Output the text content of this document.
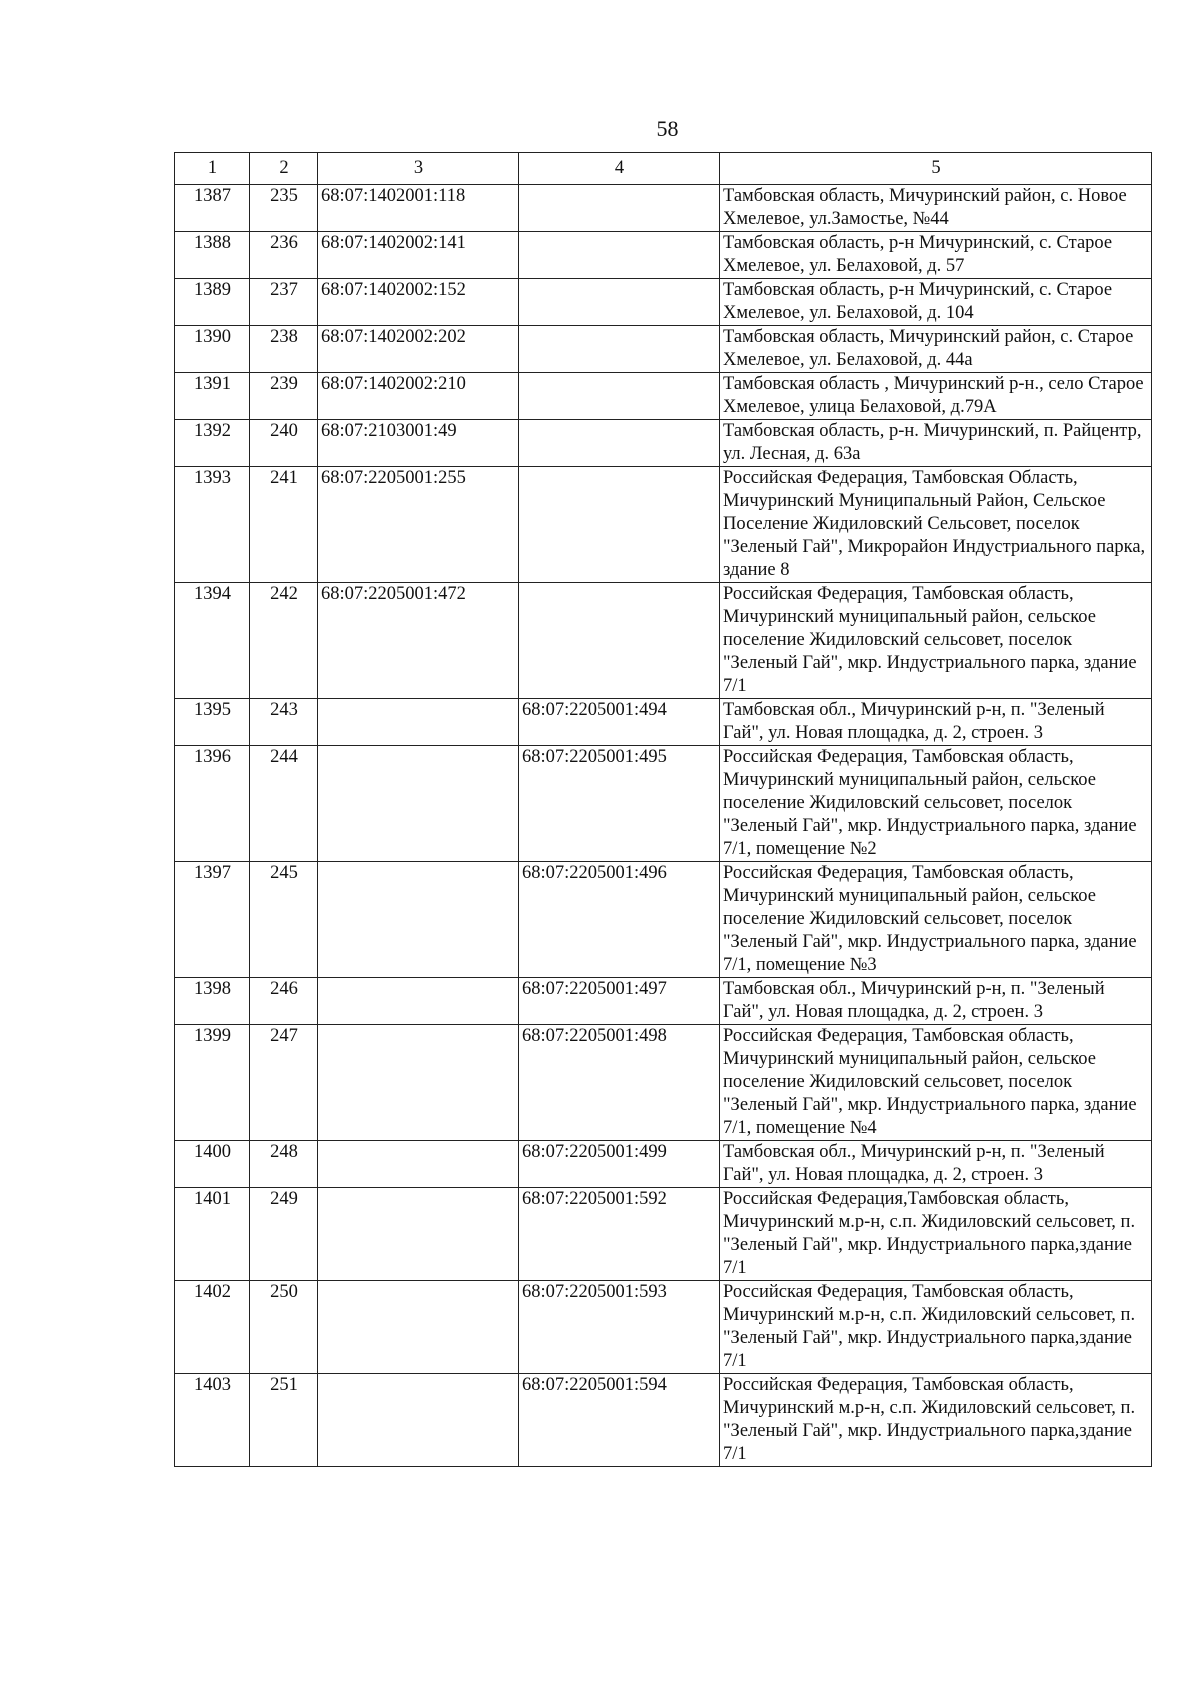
58
1	2	3	4	5
1387	235	68:07:1402001:118		Тамбовская область, Мичуринский район, с. Новое Хмелевое, ул.Замостье, №44
1388	236	68:07:1402002:141		Тамбовская область, р-н Мичуринский, с. Старое Хмелевое, ул. Белаховой, д. 57
1389	237	68:07:1402002:152		Тамбовская область, р-н Мичуринский, с. Старое Хмелевое, ул. Белаховой, д. 104
1390	238	68:07:1402002:202		Тамбовская область, Мичуринский район, с. Старое Хмелевое, ул. Белаховой, д. 44а
1391	239	68:07:1402002:210		Тамбовская область , Мичуринский р-н., село Старое Хмелевое, улица Белаховой, д.79А
1392	240	68:07:2103001:49		Тамбовская область, р-н. Мичуринский, п. Райцентр, ул. Лесная, д. 63а
1393	241	68:07:2205001:255		Российская Федерация, Тамбовская Область, Мичуринский Муниципальный Район, Сельское Поселение Жидиловский Сельсовет, поселок "Зеленый Гай", Микрорайон Индустриального парка, здание 8
1394	242	68:07:2205001:472		Российская Федерация, Тамбовская область, Мичуринский муниципальный район, сельское поселение Жидиловский сельсовет, поселок "Зеленый Гай", мкр. Индустриального парка, здание 7/1
1395	243		68:07:2205001:494	Тамбовская обл., Мичуринский р-н, п. "Зеленый Гай", ул. Новая площадка, д. 2, строен. 3
1396	244		68:07:2205001:495	Российская Федерация, Тамбовская область, Мичуринский муниципальный район, сельское поселение Жидиловский сельсовет, поселок "Зеленый Гай", мкр. Индустриального парка, здание 7/1, помещение №2
1397	245		68:07:2205001:496	Российская Федерация, Тамбовская область, Мичуринский муниципальный район, сельское поселение Жидиловский сельсовет, поселок "Зеленый Гай", мкр. Индустриального парка, здание 7/1, помещение №3
1398	246		68:07:2205001:497	Тамбовская обл., Мичуринский р-н, п. "Зеленый Гай", ул. Новая площадка, д. 2, строен. 3
1399	247		68:07:2205001:498	Российская Федерация, Тамбовская область, Мичуринский муниципальный район, сельское поселение Жидиловский сельсовет, поселок "Зеленый Гай", мкр. Индустриального парка, здание 7/1, помещение №4
1400	248		68:07:2205001:499	Тамбовская обл., Мичуринский р-н, п. "Зеленый Гай", ул. Новая площадка, д. 2, строен. 3
1401	249		68:07:2205001:592	Российская Федерация,Тамбовская область, Мичуринский м.р-н, с.п. Жидиловский сельсовет, п. "Зеленый Гай", мкр. Индустриального парка,здание 7/1
1402	250		68:07:2205001:593	Российская Федерация, Тамбовская область, Мичуринский м.р-н, с.п. Жидиловский сельсовет, п. "Зеленый Гай", мкр. Индустриального парка,здание 7/1
1403	251		68:07:2205001:594	Российская Федерация, Тамбовская область, Мичуринский м.р-н, с.п. Жидиловский сельсовет, п. "Зеленый Гай", мкр. Индустриального парка,здание 7/1
